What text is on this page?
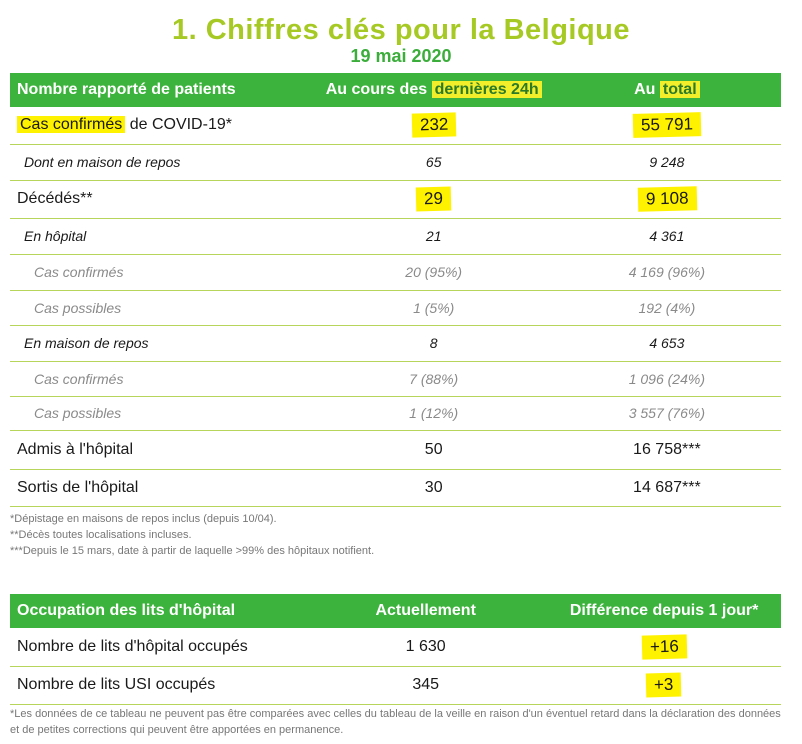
1. Chiffres clés pour la Belgique
19 mai 2020
Nombre rapporté de patients	Au cours des dernières 24h	Au total
Cas confirmés de COVID-19*	232	55 791
Dont en maison de repos	65	9 248
Décédés**	29	9 108
En hôpital	21	4 361
Cas confirmés	20 (95%)	4 169 (96%)
Cas possibles	1 (5%)	192 (4%)
En maison de repos	8	4 653
Cas confirmés	7 (88%)	1 096 (24%)
Cas possibles	1 (12%)	3 557 (76%)
Admis à l'hôpital	50	16 758***
Sortis de l'hôpital	30	14 687***
*Dépistage en maisons de repos inclus (depuis 10/04).
**Décès toutes localisations incluses.
***Depuis le 15 mars, date à partir de laquelle >99% des hôpitaux notifient.
Occupation des lits d'hôpital	Actuellement	Différence depuis 1 jour*
Nombre de lits d'hôpital occupés	1 630	+16
Nombre de lits USI occupés	345	+3
*Les données de ce tableau ne peuvent pas être comparées avec celles du tableau de la veille en raison d'un éventuel retard dans la déclaration des données et de petites corrections qui peuvent être apportées en permanence.
